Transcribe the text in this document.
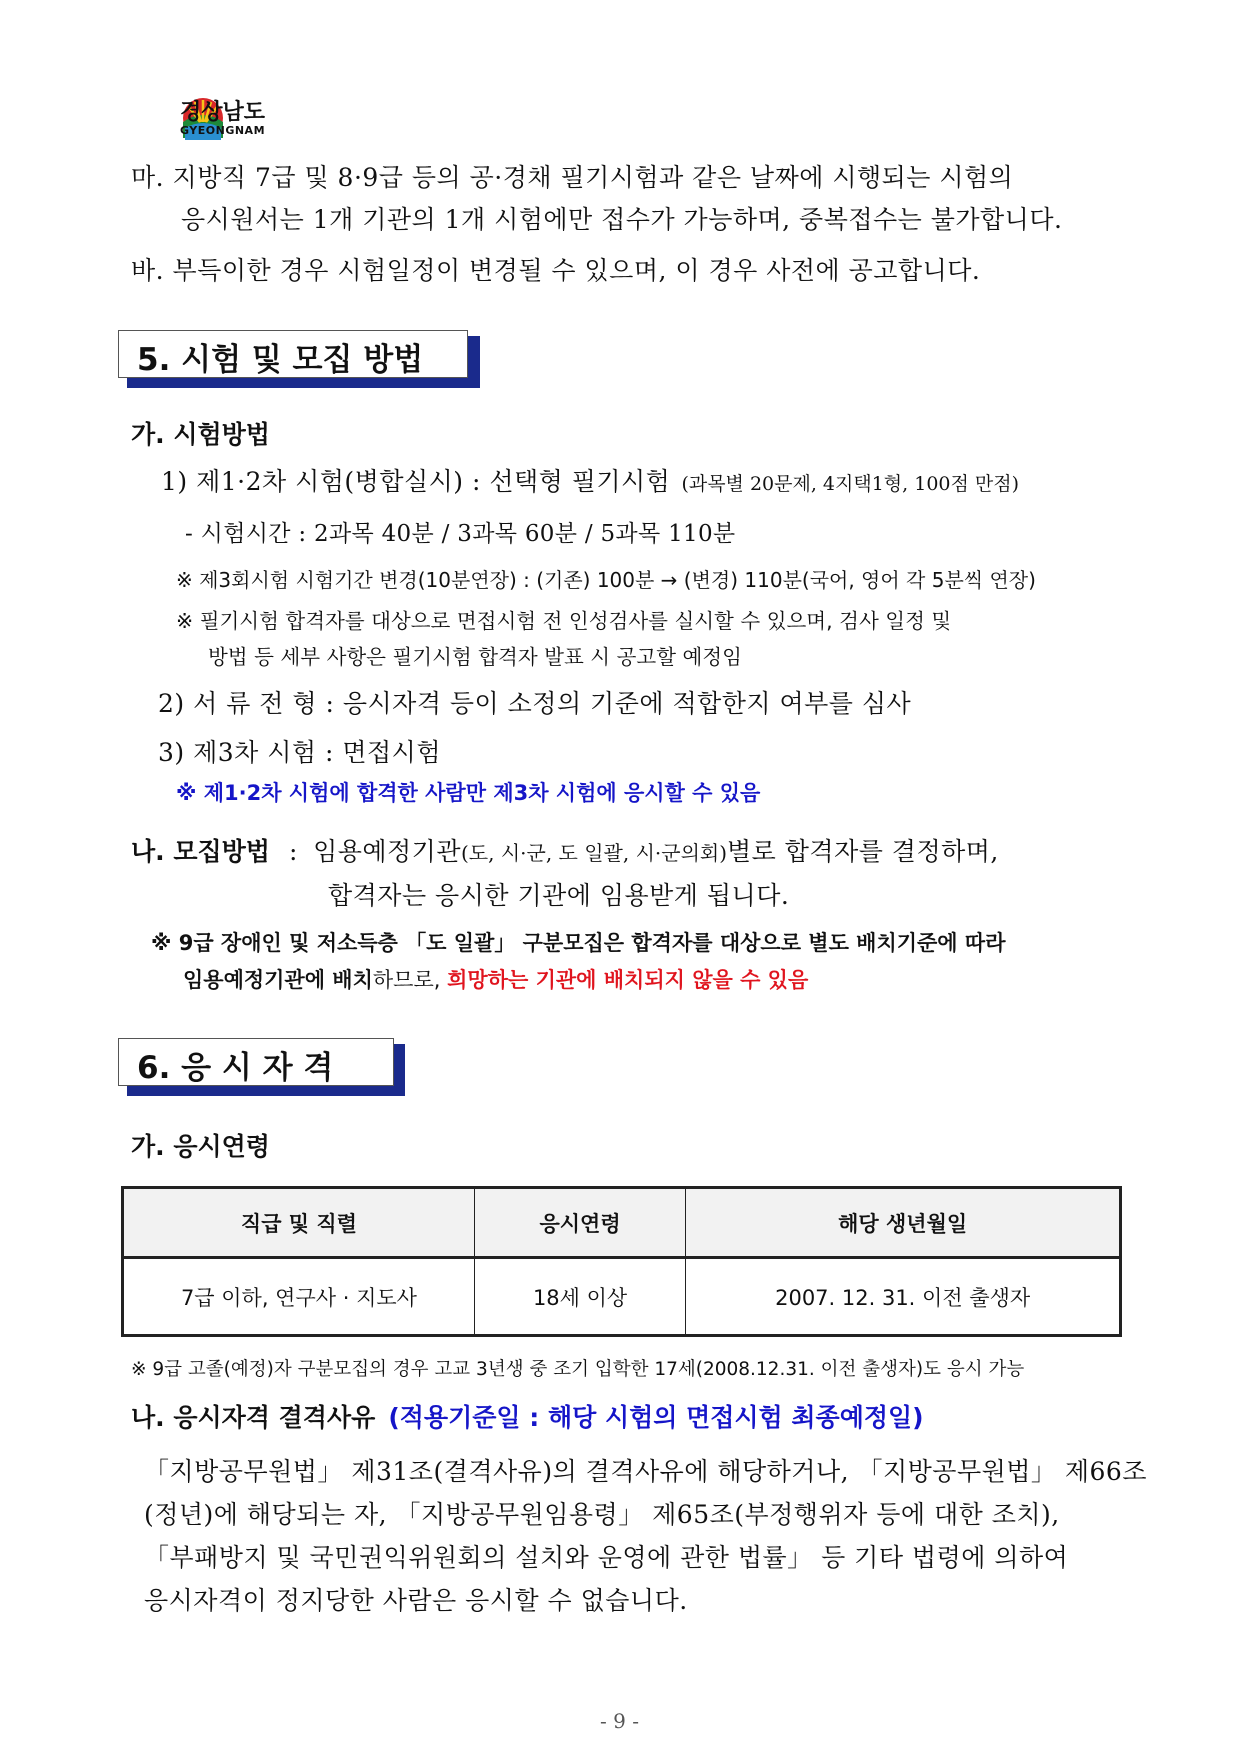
경상남도
GYEONGNAM
마. 지방직 7급 및 8·9급 등의 공·경채 필기시험과 같은 날짜에 시행되는 시험의
응시원서는 1개 기관의 1개 시험에만 접수가 가능하며, 중복접수는 불가합니다.
바. 부득이한 경우 시험일정이 변경될 수 있으며, 이 경우 사전에 공고합니다.
5. 시험 및 모집 방법
가. 시험방법
1) 제1·2차 시험(병합실시) : 선택형 필기시험 (과목별 20문제, 4지택1형, 100점 만점)
- 시험시간 : 2과목 40분 / 3과목 60분 / 5과목 110분
※ 제3회시험 시험기간 변경(10분연장) : (기존) 100분 → (변경) 110분(국어, 영어 각 5분씩 연장)
※ 필기시험 합격자를 대상으로 면접시험 전 인성검사를 실시할 수 있으며, 검사 일정 및
방법 등 세부 사항은 필기시험 합격자 발표 시 공고할 예정임
2) 서 류 전 형 : 응시자격 등이 소정의 기준에 적합한지 여부를 심사
3) 제3차 시험 : 면접시험
※ 제1·2차 시험에 합격한 사람만 제3차 시험에 응시할 수 있음
나. 모집방법 : 임용예정기관(도, 시·군, 도 일괄, 시·군의회)별로 합격자를 결정하며,
합격자는 응시한 기관에 임용받게 됩니다.
※ 9급 장애인 및 저소득층 「도 일괄」 구분모집은 합격자를 대상으로 별도 배치기준에 따라
임용예정기관에 배치하므로, 희망하는 기관에 배치되지 않을 수 있음
6. 응 시 자 격
가. 응시연령
직급 및 직렬	응시연령	해당 생년월일
7급 이하, 연구사 · 지도사	18세 이상	2007. 12. 31. 이전 출생자
※ 9급 고졸(예정)자 구분모집의 경우 고교 3년생 중 조기 입학한 17세(2008.12.31. 이전 출생자)도 응시 가능
나. 응시자격 결격사유 (적용기준일 : 해당 시험의 면접시험 최종예정일)
「지방공무원법」 제31조(결격사유)의 결격사유에 해당하거나, 「지방공무원법」 제66조
(정년)에 해당되는 자, 「지방공무원임용령」 제65조(부정행위자 등에 대한 조치),
「부패방지 및 국민권익위원회의 설치와 운영에 관한 법률」 등 기타 법령에 의하여
응시자격이 정지당한 사람은 응시할 수 없습니다.
- 9 -
